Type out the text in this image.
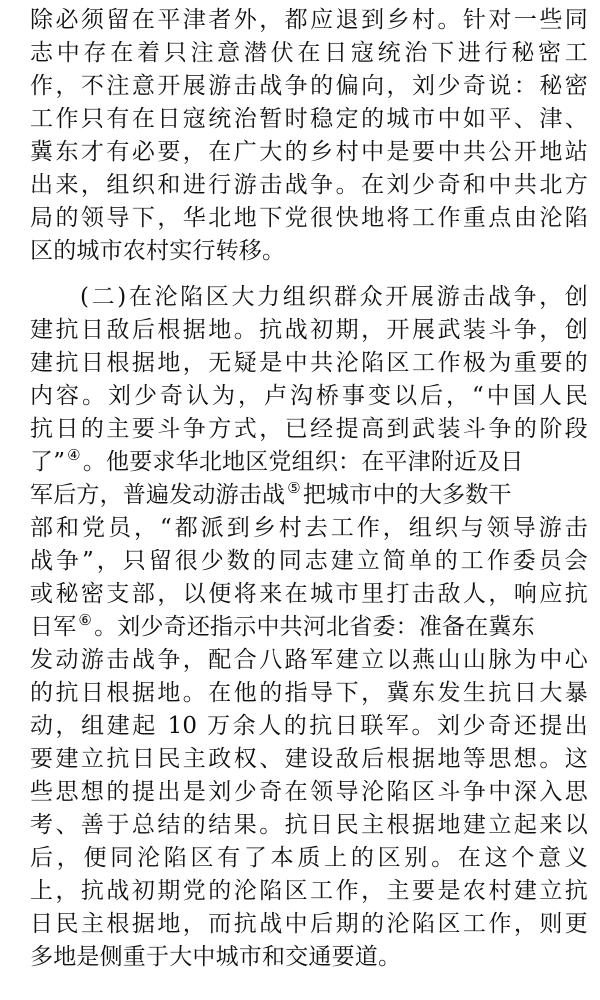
除必须留在平津者外，都应退到乡村。针对一些同
志中存在着只注意潜伏在日寇统治下进行秘密工
作，不注意开展游击战争的偏向，刘少奇说：秘密
工作只有在日寇统治暂时稳定的城市中如平、津、
冀东才有必要，在广大的乡村中是要中共公开地站
出来，组织和进行游击战争。在刘少奇和中共北方
局的领导下，华北地下党很快地将工作重点由沦陷
区的城市农村实行转移。
(二)在沦陷区大力组织群众开展游击战争，创
建抗日敌后根据地。抗战初期，开展武装斗争，创
建抗日根据地，无疑是中共沦陷区工作极为重要的
内容。刘少奇认为，卢沟桥事变以后，“中国人民
抗日的主要斗争方式，已经提高到武装斗争的阶段
了” ④。他要求华北地区党组织：在平津附近及日
军后方，普遍发动游击战 ⑤把城市中的大多数干
部和党员，“都派到乡村去工作，组织与领导游击
战争”，只留很少数的同志建立简单的工作委员会
或秘密支部，以便将来在城市里打击敌人，响应抗
日军 ⑥。刘少奇还指示中共河北省委：准备在冀东
发动游击战争，配合八路军建立以燕山山脉为中心
的抗日根据地。在他的指导下，冀东发生抗日大暴
动，组建起 10 万余人的抗日联军。刘少奇还提出
要建立抗日民主政权、建设敌后根据地等思想。这
些思想的提出是刘少奇在领导沦陷区斗争中深入思
考、善于总结的结果。抗日民主根据地建立起来以
后，便同沦陷区有了本质上的区别。在这个意义
上，抗战初期党的沦陷区工作，主要是农村建立抗
日民主根据地，而抗战中后期的沦陷区工作，则更
多地是侧重于大中城市和交通要道。
